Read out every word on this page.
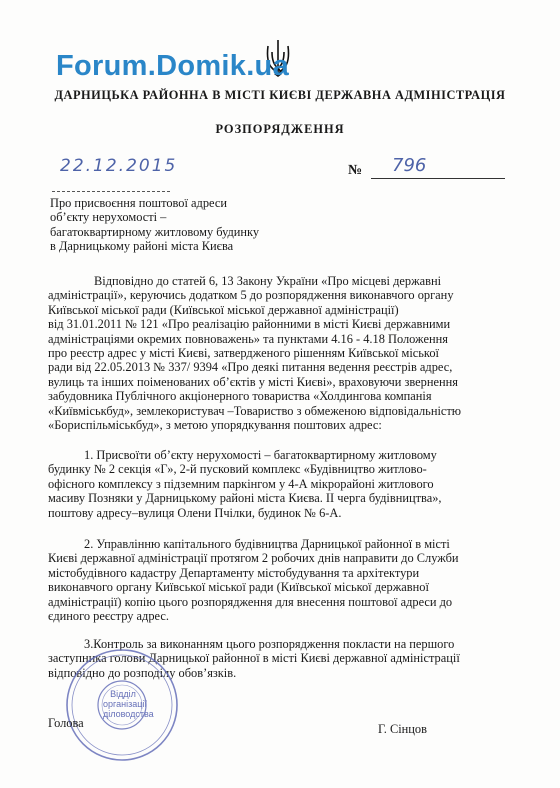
Forum.Domik.ua
ДАРНИЦЬКА РАЙОННА В МІСТІ КИЄВІ ДЕРЖАВНА АДМІНІСТРАЦІЯ
РОЗПОРЯДЖЕННЯ
22.12.2015	№ 796
Про присвоєння поштової адреси
об’єкту нерухомості –
багатоквартирному житловому будинку
в Дарницькому районі міста Києва
Відповідно до статей 6, 13 Закону України «Про місцеві державні
адміністрації», керуючись додатком 5 до розпорядження виконавчого органу
Київської міської ради (Київської міської державної адміністрації)
від 31.01.2011 № 121 «Про реалізацію районними в місті Києві державними
адміністраціями окремих повноважень» та пунктами 4.16 - 4.18 Положення
про реєстр адрес у місті Києві, затвердженого рішенням Київської міської
ради від 22.05.2013 № 337/ 9394 «Про деякі питання ведення реєстрів адрес,
вулиць та інших поіменованих об’єктів у місті Києві», враховуючи звернення
забудовника Публічного акціонерного товариства «Холдингова компанія
«Київміськбуд», землекористувач –Товариство з обмеженою відповідальністю
«Бориспільміськбуд», з метою упорядкування поштових адрес:
1. Присвоїти об’єкту нерухомості – багатоквартирному житловому
будинку № 2 секція «Г», 2-й пусковий комплекс «Будівництво житлово-
офісного комплексу з підземним паркінгом у 4-А мікрорайоні житлового
масиву Позняки у Дарницькому районі міста Києва. ІІ черга будівництва»,
поштову адресу–вулиця Олени Пчілки, будинок № 6-А.
2. Управлінню капітального будівництва Дарницької районної в місті
Києві державної адміністрації протягом 2 робочих днів направити до Служби
містобудівного кадастру Департаменту містобудування та архітектури
виконавчого органу Київської міської ради (Київської міської державної
адміністрації) копію цього розпорядження для внесення поштової адреси до
єдиного реєстру адрес.
3.Контроль за виконанням цього розпорядження покласти на першого
заступника голови Дарницької районної в місті Києві державної адміністрації
відповідно до розподілу обов’язків.
Відділ
організації
діловодства
Голова	Г. Сінцов
